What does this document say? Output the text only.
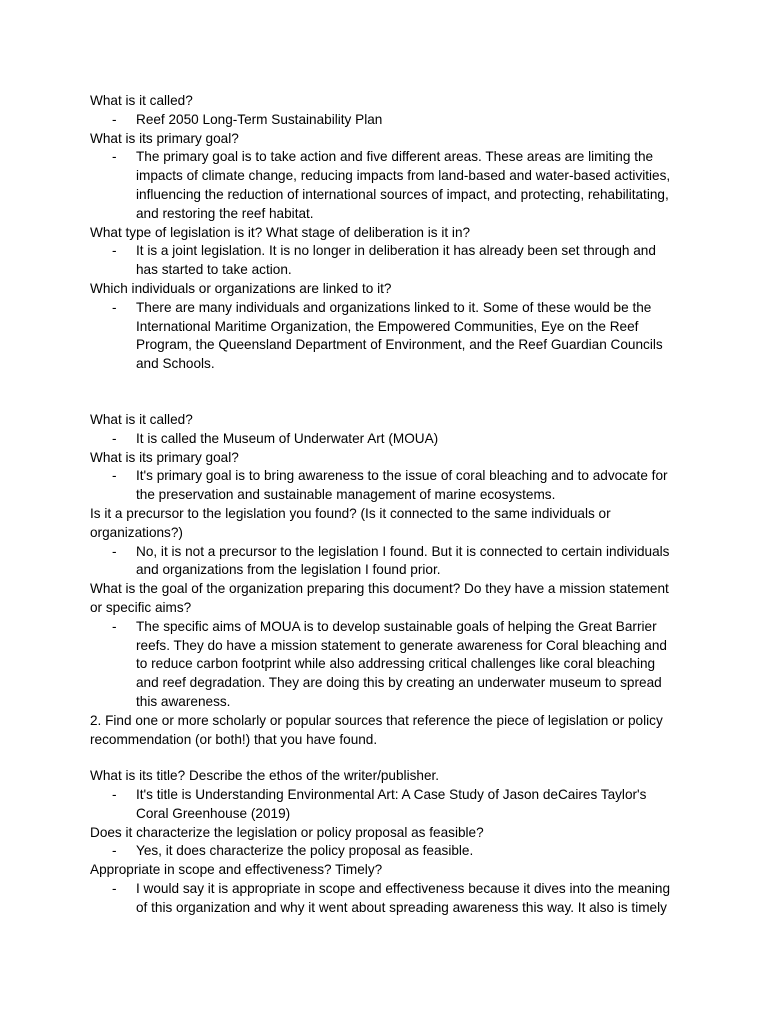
What is it called?

- Reef 2050 Long-Term Sustainability Plan

What is its primary goal?

- The primary goal is to take action and five different areas. These areas are limiting the impacts of climate change, reducing impacts from land-based and water-based activities, influencing the reduction of international sources of impact, and protecting, rehabilitating, and restoring the reef habitat.

What type of legislation is it? What stage of deliberation is it in?

- It is a joint legislation. It is no longer in deliberation it has already been set through and has started to take action.

Which individuals or organizations are linked to it?

- There are many individuals and organizations linked to it. Some of these would be the International Maritime Organization, the Empowered Communities, Eye on the Reef Program, the Queensland Department of Environment, and the Reef Guardian Councils and Schools.

What is it called?

- It is called the Museum of Underwater Art (MOUA)

What is its primary goal?

- It's primary goal is to bring awareness to the issue of coral bleaching and to advocate for the preservation and sustainable management of marine ecosystems.

Is it a precursor to the legislation you found? (Is it connected to the same individuals or organizations?)

- No, it is not a precursor to the legislation I found. But it is connected to certain individuals and organizations from the legislation I found prior.

What is the goal of the organization preparing this document? Do they have a mission statement or specific aims?

- The specific aims of MOUA is to develop sustainable goals of helping the Great Barrier reefs. They do have a mission statement to generate awareness for Coral bleaching and to reduce carbon footprint while also addressing critical challenges like coral bleaching and reef degradation. They are doing this by creating an underwater museum to spread this awareness.

2. Find one or more scholarly or popular sources that reference the piece of legislation or policy recommendation (or both!) that you have found.

What is its title? Describe the ethos of the writer/publisher.

- It's title is Understanding Environmental Art: A Case Study of Jason deCaires Taylor's Coral Greenhouse (2019)

Does it characterize the legislation or policy proposal as feasible?

- Yes, it does characterize the policy proposal as feasible.

Appropriate in scope and effectiveness? Timely?

- I would say it is appropriate in scope and effectiveness because it dives into the meaning of this organization and why it went about spreading awareness this way. It also is timely
